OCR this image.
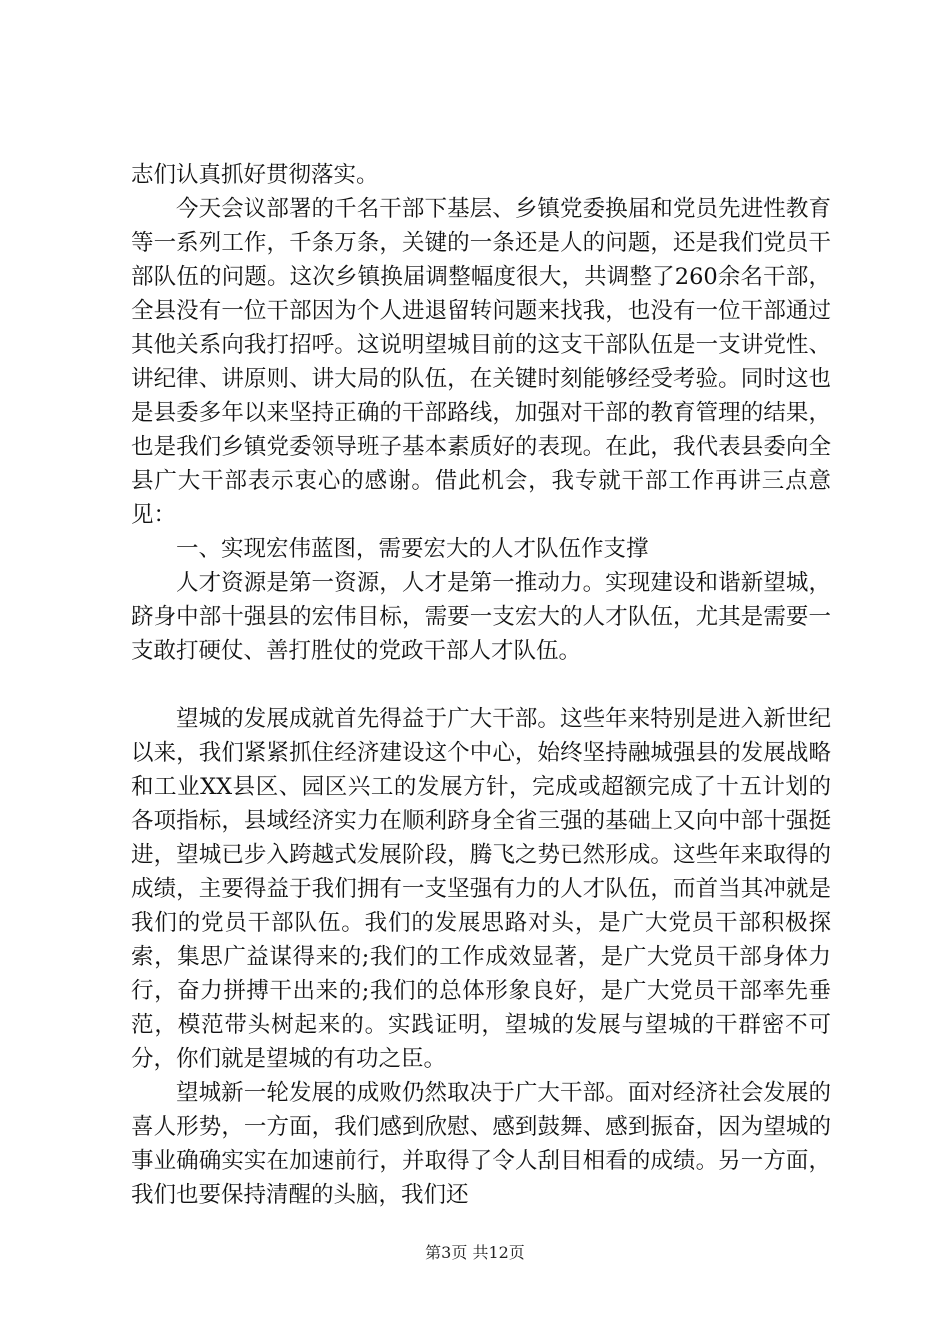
志们认真抓好贯彻落实。

今天会议部署的千名干部下基层、乡镇党委换届和党员先进性教育等一系列工作，千条万条，关键的一条还是人的问题，还是我们党员干部队伍的问题。这次乡镇换届调整幅度很大，共调整了260余名干部，全县没有一位干部因为个人进退留转问题来找我，也没有一位干部通过其他关系向我打招呼。这说明望城目前的这支干部队伍是一支讲党性、讲纪律、讲原则、讲大局的队伍，在关键时刻能够经受考验。同时这也是县委多年以来坚持正确的干部路线，加强对干部的教育管理的结果，也是我们乡镇党委领导班子基本素质好的表现。在此，我代表县委向全县广大干部表示衷心的感谢。借此机会，我专就干部工作再讲三点意见：

一、实现宏伟蓝图，需要宏大的人才队伍作支撑

人才资源是第一资源，人才是第一推动力。实现建设和谐新望城，跻身中部十强县的宏伟目标，需要一支宏大的人才队伍，尤其是需要一支敢打硬仗、善打胜仗的党政干部人才队伍。

望城的发展成就首先得益于广大干部。这些年来特别是进入新世纪以来，我们紧紧抓住经济建设这个中心，始终坚持融城强县的发展战略和工业XX县区、园区兴工的发展方针，完成或超额完成了十五计划的各项指标，县域经济实力在顺利跻身全省三强的基础上又向中部十强挺进，望城已步入跨越式发展阶段，腾飞之势已然形成。这些年来取得的成绩，主要得益于我们拥有一支坚强有力的人才队伍，而首当其冲就是我们的党员干部队伍。我们的发展思路对头，是广大党员干部积极探索，集思广益谋得来的;我们的工作成效显著，是广大党员干部身体力行，奋力拼搏干出来的;我们的总体形象良好，是广大党员干部率先垂范，模范带头树起来的。实践证明，望城的发展与望城的干群密不可分，你们就是望城的有功之臣。

望城新一轮发展的成败仍然取决于广大干部。面对经济社会发展的喜人形势，一方面，我们感到欣慰、感到鼓舞、感到振奋，因为望城的事业确确实实在加速前行，并取得了令人刮目相看的成绩。另一方面，我们也要保持清醒的头脑，我们还

第3页 共12页
